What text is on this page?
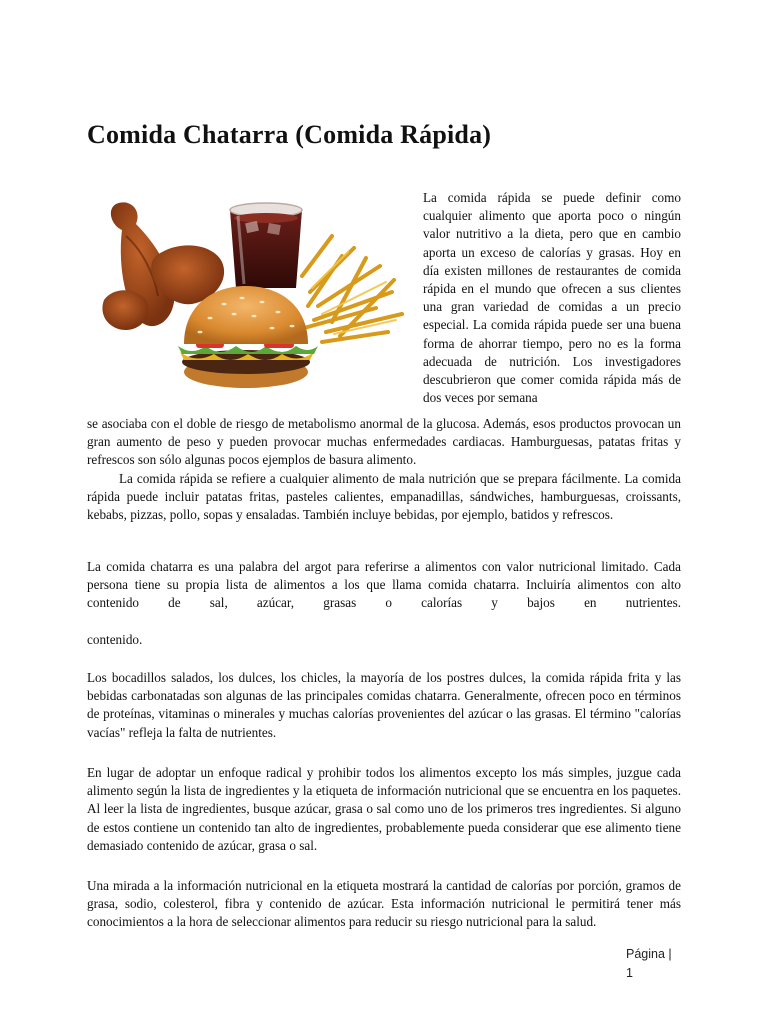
Comida Chatarra (Comida Rápida)
La comida rápida se puede definir como cualquier alimento que aporta poco o ningún valor nutritivo a la dieta, pero que en cambio aporta un exceso de calorías y grasas. Hoy en día existen millones de restaurantes de comida rápida en el mundo que ofrecen a sus clientes una gran variedad de comidas a un precio especial. La comida rápida puede ser una buena forma de ahorrar tiempo, pero no es la forma adecuada de nutrición. Los investigadores descubrieron que comer comida rápida más de dos veces por semana
se asociaba con el doble de riesgo de metabolismo anormal de la glucosa. Además, esos productos provocan un gran aumento de peso y pueden provocar muchas enfermedades cardiacas. Hamburguesas, patatas fritas y refrescos son sólo algunas pocos ejemplos de basura alimento.
La comida rápida se refiere a cualquier alimento de mala nutrición que se prepara fácilmente. La comida rápida puede incluir patatas fritas, pasteles calientes, empanadillas, sándwiches, hamburguesas, croissants, kebabs, pizzas, pollo, sopas y ensaladas. También incluye bebidas, por ejemplo, batidos y refrescos.
La comida chatarra es una palabra del argot para referirse a alimentos con valor nutricional limitado. Cada persona tiene su propia lista de alimentos a los que llama comida chatarra. Incluiría alimentos con alto contenido de sal, azúcar, grasas o calorías y bajos en nutrientes.
contenido.
Los bocadillos salados, los dulces, los chicles, la mayoría de los postres dulces, la comida rápida frita y las bebidas carbonatadas son algunas de las principales comidas chatarra. Generalmente, ofrecen poco en términos de proteínas, vitaminas o minerales y muchas calorías provenientes del azúcar o las grasas. El término "calorías vacías" refleja la falta de nutrientes.
En lugar de adoptar un enfoque radical y prohibir todos los alimentos excepto los más simples, juzgue cada alimento según la lista de ingredientes y la etiqueta de información nutricional que se encuentra en los paquetes. Al leer la lista de ingredientes, busque azúcar, grasa o sal como uno de los primeros tres ingredientes. Si alguno de estos contiene un contenido tan alto de ingredientes, probablemente pueda considerar que ese alimento tiene demasiado contenido de azúcar, grasa o sal.
Una mirada a la información nutricional en la etiqueta mostrará la cantidad de calorías por porción, gramos de grasa, sodio, colesterol, fibra y contenido de azúcar. Esta información nutricional le permitirá tener más conocimientos a la hora de seleccionar alimentos para reducir su riesgo nutricional para la salud.
Página |
1
